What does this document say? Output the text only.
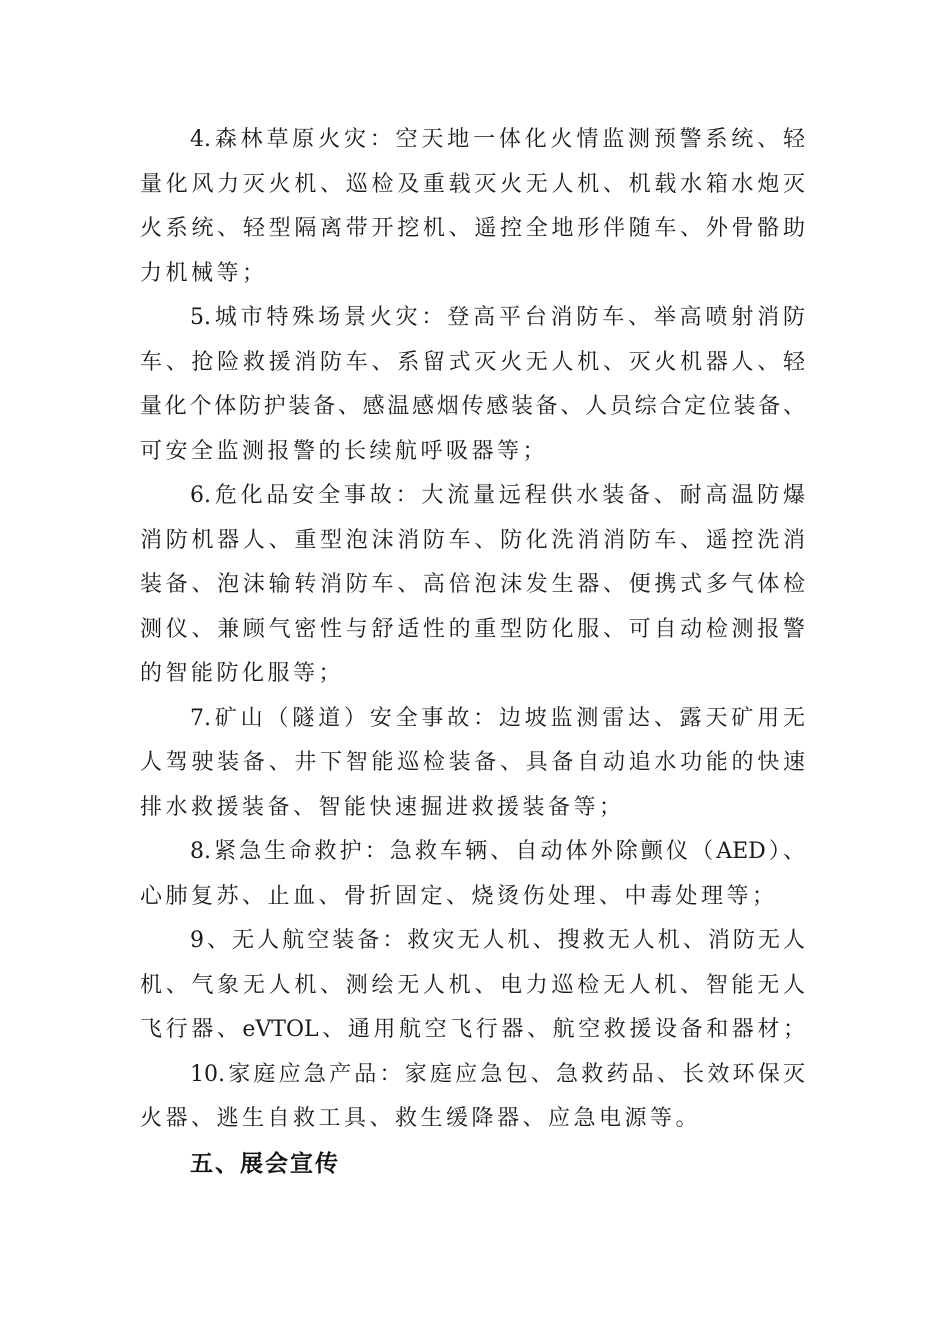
4.森林草原火灾：空天地一体化火情监测预警系统、轻
量化风力灭火机、巡检及重载灭火无人机、机载水箱水炮灭
火系统、轻型隔离带开挖机、遥控全地形伴随车、外骨骼助
力机械等；
5.城市特殊场景火灾：登高平台消防车、举高喷射消防
车、抢险救援消防车、系留式灭火无人机、灭火机器人、轻
量化个体防护装备、感温感烟传感装备、人员综合定位装备、
可安全监测报警的长续航呼吸器等；
6.危化品安全事故：大流量远程供水装备、耐高温防爆
消防机器人、重型泡沫消防车、防化洗消消防车、遥控洗消
装备、泡沫输转消防车、高倍泡沫发生器、便携式多气体检
测仪、兼顾气密性与舒适性的重型防化服、可自动检测报警
的智能防化服等；
7.矿山（隧道）安全事故：边坡监测雷达、露天矿用无
人驾驶装备、井下智能巡检装备、具备自动追水功能的快速
排水救援装备、智能快速掘进救援装备等；
8.紧急生命救护：急救车辆、自动体外除颤仪（AED）、
心肺复苏、止血、骨折固定、烧烫伤处理、中毒处理等；
9、无人航空装备：救灾无人机、搜救无人机、消防无人
机、气象无人机、测绘无人机、电力巡检无人机、智能无人
飞行器、eVTOL、通用航空飞行器、航空救援设备和器材；
10.家庭应急产品：家庭应急包、急救药品、长效环保灭
火器、逃生自救工具、救生缓降器、应急电源等。
五、展会宣传
